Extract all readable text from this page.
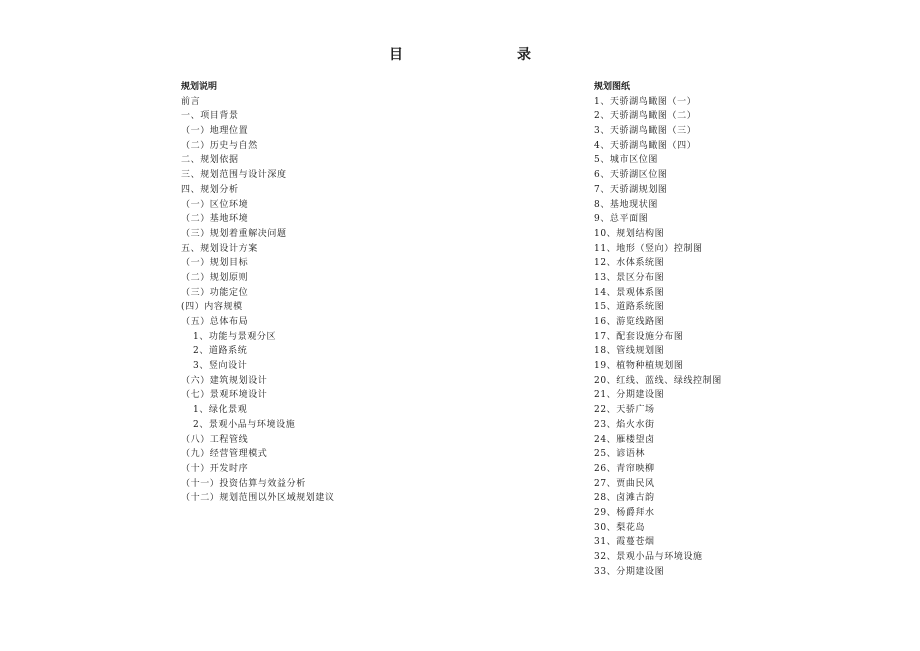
目　录
规划说明
前言
一、项目背景
（一）地理位置
（二）历史与自然
二、规划依据
三、规划范围与设计深度
四、规划分析
（一）区位环境
（二）基地环境
（三）规划着重解决问题
五、规划设计方案
（一）规划目标
（二）规划原则
（三）功能定位
(四）内容规模
（五）总体布局
1、功能与景观分区
2、道路系统
3、竖向设计
（六）建筑规划设计
（七）景观环境设计
1、绿化景观
2、景观小品与环境设施
（八）工程管线
（九）经营管理模式
（十）开发时序
（十一）投资估算与效益分析
（十二）规划范围以外区域规划建议
规划图纸
1、天骄湖鸟瞰图（一）
2、天骄湖鸟瞰图（二）
3、天骄湖鸟瞰图（三）
4、天骄湖鸟瞰图（四）
5、城市区位图
6、天骄湖区位图
7、天骄湖规划图
8、基地现状图
9、总平面图
10、规划结构图
11、地形（竖向）控制图
12、水体系统图
13、景区分布图
14、景观体系图
15、道路系统图
16、游览线路图
17、配套设施分布图
18、管线规划图
19、植物种植规划图
20、红线、蓝线、绿线控制图
21、分期建设图
22、天骄广场
23、焰火水街
24、雁楼望卤
25、谚语林
26、青帘映柳
27、贾曲民风
28、卤滩古韵
29、杨爵拜水
30、梨花岛
31、霞蔓苍烟
32、景观小品与环境设施
33、分期建设图
